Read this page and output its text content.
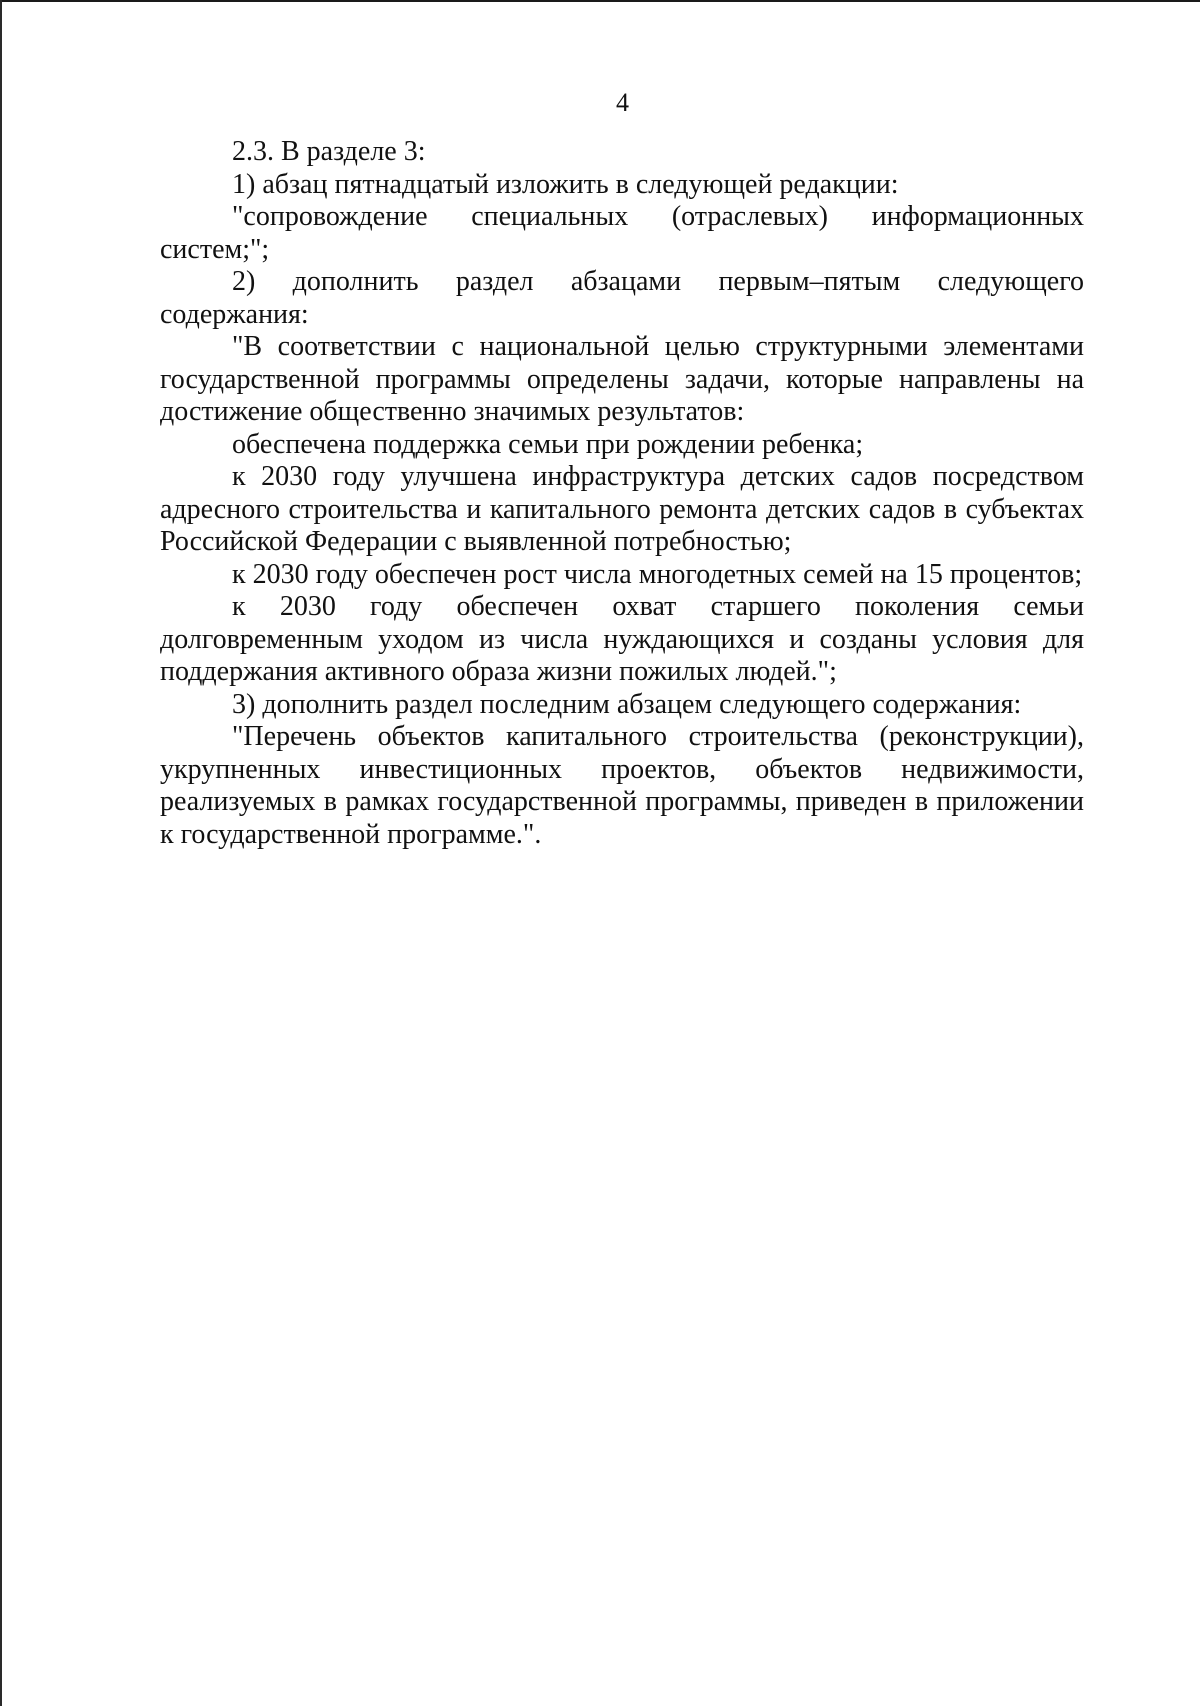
4

2.3. В разделе 3:

1) абзац пятнадцатый изложить в следующей редакции:

"сопровождение специальных (отраслевых) информационных систем;";

2) дополнить раздел абзацами первым–пятым следующего содержания:

"В соответствии с национальной целью структурными элементами государственной программы определены задачи, которые направлены на достижение общественно значимых результатов:

обеспечена поддержка семьи при рождении ребенка;

к 2030 году улучшена инфраструктура детских садов посредством адресного строительства и капитального ремонта детских садов в субъектах Российской Федерации с выявленной потребностью;

к 2030 году обеспечен рост числа многодетных семей на 15 процентов;

к 2030 году обеспечен охват старшего поколения семьи долговременным уходом из числа нуждающихся и созданы условия для поддержания активного образа жизни пожилых людей.";

3) дополнить раздел последним абзацем следующего содержания:

"Перечень объектов капитального строительства (реконструкции), укрупненных инвестиционных проектов, объектов недвижимости, реализуемых в рамках государственной программы, приведен в приложении к государственной программе.".
